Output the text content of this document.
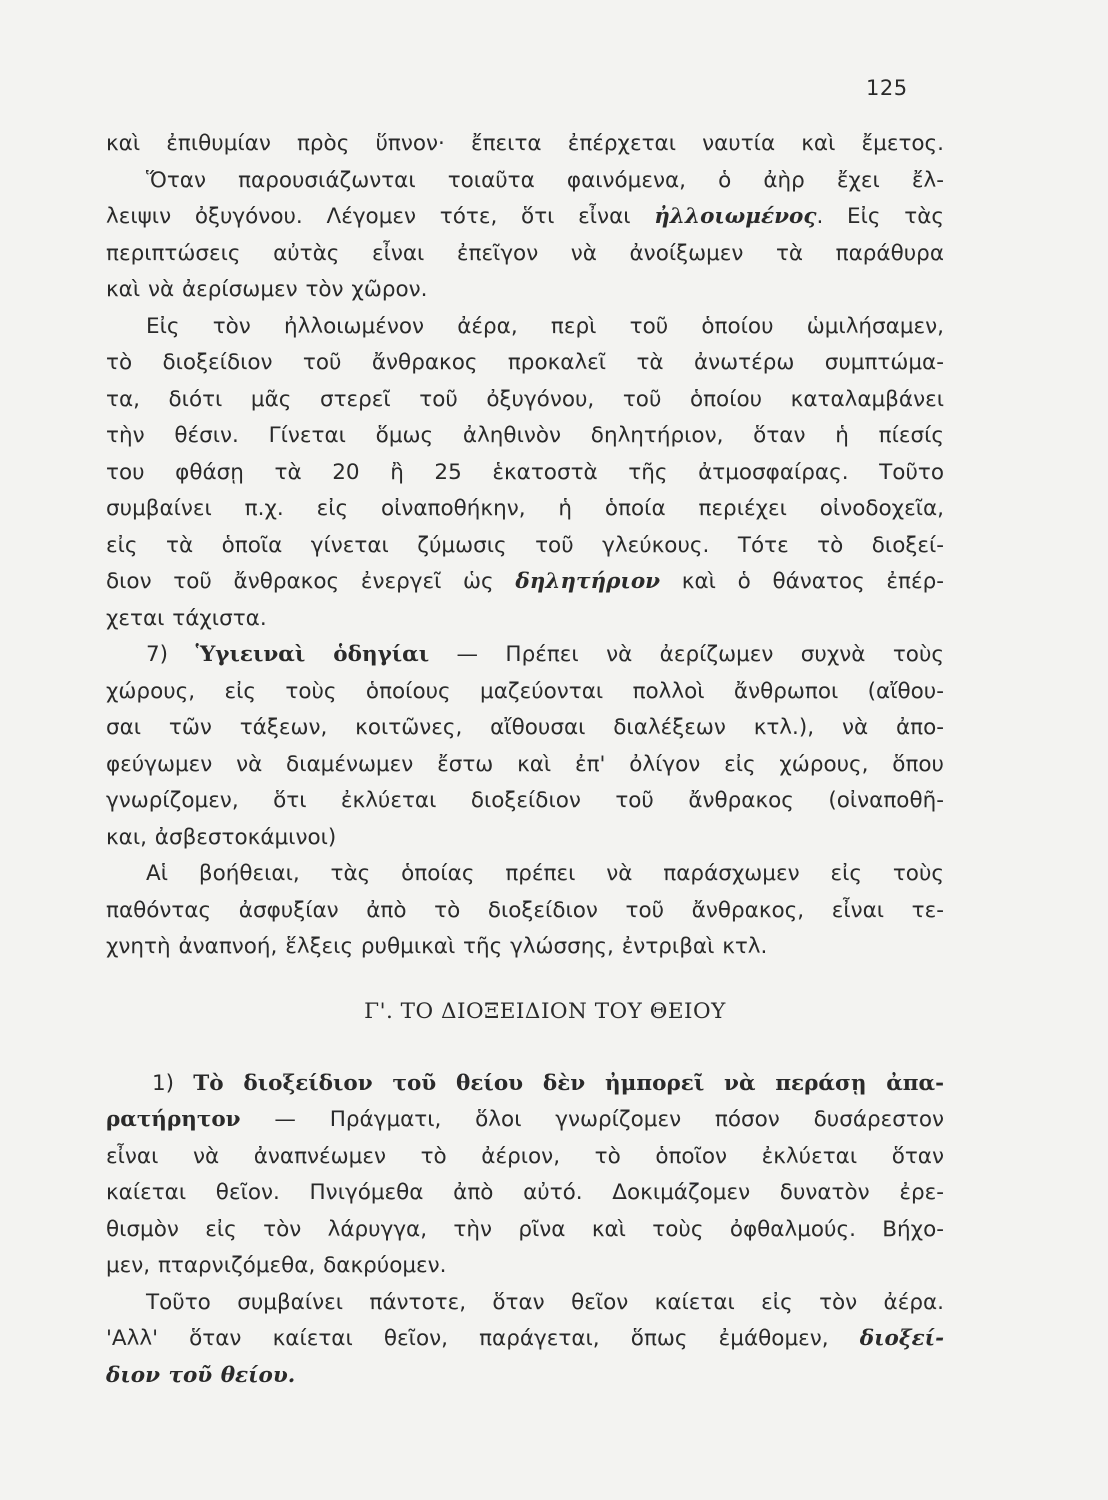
125
καὶ ἐπιθυμίαν πρὸς ὕπνον· ἔπειτα ἐπέρχεται ναυτία καὶ ἔμετος.
Ὅταν παρουσιάζωνται τοιαῦτα φαινόμενα, ὁ ἀὴρ ἔχει ἔλ-
λειψιν ὀξυγόνου. Λέγομεν τότε, ὅτι εἶναι ἠλλοιωμένος. Εἰς τὰς
περιπτώσεις αὐτὰς εἶναι ἐπεῖγον νὰ ἀνοίξωμεν τὰ παράθυρα
καὶ νὰ ἀερίσωμεν τὸν χῶρον.
Εἰς τὸν ἠλλοιωμένον ἀέρα, περὶ τοῦ ὁποίου ὡμιλήσαμεν,
τὸ διοξείδιον τοῦ ἄνθρακος προκαλεῖ τὰ ἀνωτέρω συμπτώμα-
τα, διότι μᾶς στερεῖ τοῦ ὀξυγόνου, τοῦ ὁποίου καταλαμβάνει
τὴν θέσιν. Γίνεται ὅμως ἀληθινὸν δηλητήριον, ὅταν ἡ πίεσίς
του φθάσῃ τὰ 20 ἢ 25 ἑκατοστὰ τῆς ἀτμοσφαίρας. Τοῦτο
συμβαίνει π.χ. εἰς οἰναποθήκην, ἡ ὁποία περιέχει οἰνοδοχεῖα,
εἰς τὰ ὁποῖα γίνεται ζύμωσις τοῦ γλεύκους. Τότε τὸ διοξεί-
διον τοῦ ἄνθρακος ἐνεργεῖ ὡς δηλητήριον καὶ ὁ θάνατος ἐπέρ-
χεται τάχιστα.
7) Ὑγιειναὶ ὁδηγίαι — Πρέπει νὰ ἀερίζωμεν συχνὰ τοὺς
χώρους, εἰς τοὺς ὁποίους μαζεύονται πολλοὶ ἄνθρωποι (αἴθου-
σαι τῶν τάξεων, κοιτῶνες, αἴθουσαι διαλέξεων κτλ.), νὰ ἀπο-
φεύγωμεν νὰ διαμένωμεν ἔστω καὶ ἐπ' ὀλίγον εἰς χώρους, ὅπου
γνωρίζομεν, ὅτι ἐκλύεται διοξείδιον τοῦ ἄνθρακος (οἰναποθῆ-
και, ἀσβεστοκάμινοι)
Αἱ βοήθειαι, τὰς ὁποίας πρέπει νὰ παράσχωμεν εἰς τοὺς
παθόντας ἀσφυξίαν ἀπὸ τὸ διοξείδιον τοῦ ἄνθρακος, εἶναι τε-
χνητὴ ἀναπνοή, ἕλξεις ρυθμικαὶ τῆς γλώσσης, ἐντριβαὶ κτλ.
Γ'. ΤΟ ΔΙΟΞΕΙΔΙΟΝ ΤΟΥ ΘΕΙΟΥ
1) Τὸ διοξείδιον τοῦ θείου δὲν ἠμπορεῖ νὰ περάσῃ ἀπα-
ρατήρητον — Πράγματι, ὅλοι γνωρίζομεν πόσον δυσάρεστον
εἶναι νὰ ἀναπνέωμεν τὸ ἀέριον, τὸ ὁποῖον ἐκλύεται ὅταν
καίεται θεῖον. Πνιγόμεθα ἀπὸ αὐτό. Δοκιμάζομεν δυνατὸν ἐρε-
θισμὸν εἰς τὸν λάρυγγα, τὴν ρῖνα καὶ τοὺς ὀφθαλμούς. Βήχο-
μεν, πταρνιζόμεθα, δακρύομεν.
Τοῦτο συμβαίνει πάντοτε, ὅταν θεῖον καίεται εἰς τὸν ἀέρα.
'Αλλ' ὅταν καίεται θεῖον, παράγεται, ὅπως ἐμάθομεν, διοξεί-
διον τοῦ θείου.
